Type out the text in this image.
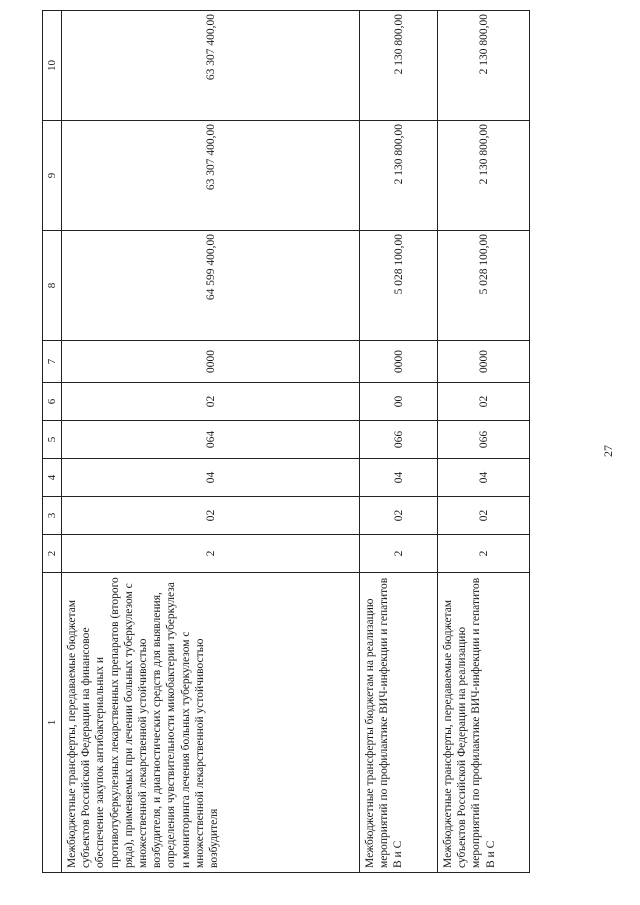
27
1	2	3	4	5	6	7	8	9	10
Межбюджетные трансферты, передаваемые бюджетам субъектов Российской Федерации на финансовое обеспечение закупок антибактериальных и противотуберкулезных лекарственных препаратов (второго ряда), применяемых при лечении больных туберкулезом с множественной лекарственной устойчивостью возбудителя, и диагностических средств для выявления, определения чувствительности микобактерии туберкулеза и мониторинга лечения больных туберкулезом с множественной лекарственной устойчивостью возбудителя	2	02	04	064	02	0000	64 599 400,00	63 307 400,00	63 307 400,00
Межбюджетные трансферты бюджетам на реализацию мероприятий по профилактике ВИЧ-инфекции и гепатитов В и С	2	02	04	066	00	0000	5 028 100,00	2 130 800,00	2 130 800,00
Межбюджетные трансферты, передаваемые бюджетам субъектов Российской Федерации на реализацию мероприятий по профилактике ВИЧ-инфекции и гепатитов В и С	2	02	04	066	02	0000	5 028 100,00	2 130 800,00	2 130 800,00
